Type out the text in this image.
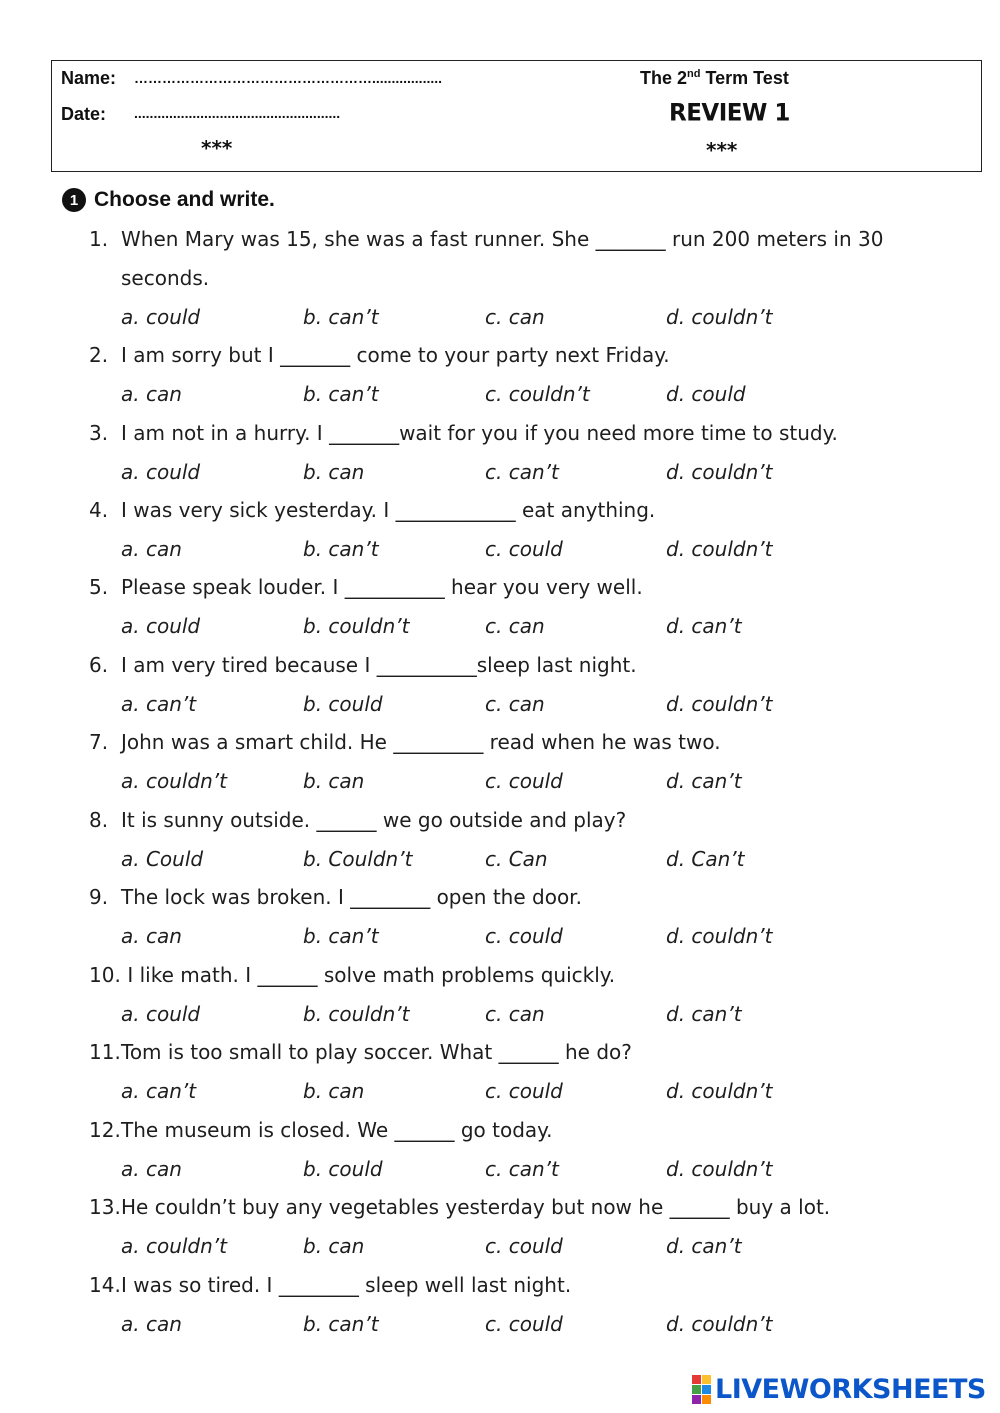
Name: ……………………………………………..................
Date: .....................................................
***
The 2nd Term Test
REVIEW 1
***
1 Choose and write.
1. When Mary was 15, she was a fast runner. She _______ run 200 meters in 30
seconds.
a. could	b. can’t	c. can	d. couldn’t
2. I am sorry but I _______ come to your party next Friday.
a. can	b. can’t	c. couldn’t	d. could
3. I am not in a hurry. I _______wait for you if you need more time to study.
a. could	b. can	c. can’t	d. couldn’t
4. I was very sick yesterday. I ____________ eat anything.
a. can	b. can’t	c. could	d. couldn’t
5. Please speak louder. I __________ hear you very well.
a. could	b. couldn’t	c. can	d. can’t
6. I am very tired because I __________sleep last night.
a. can’t	b. could	c. can	d. couldn’t
7. John was a smart child. He _________ read when he was two.
a. couldn’t	b. can	c. could	d. can’t
8. It is sunny outside. ______ we go outside and play?
a. Could	b. Couldn’t	c. Can	d. Can’t
9. The lock was broken. I ________ open the door.
a. can	b. can’t	c. could	d. couldn’t
10. I like math. I ______ solve math problems quickly.
a. could	b. couldn’t	c. can	d. can’t
11.Tom is too small to play soccer. What ______ he do?
a. can’t	b. can	c. could	d. couldn’t
12.The museum is closed. We ______ go today.
a. can	b. could	c. can’t	d. couldn’t
13.He couldn’t buy any vegetables yesterday but now he ______ buy a lot.
a. couldn’t	b. can	c. could	d. can’t
14.I was so tired. I ________ sleep well last night.
a. can	b. can’t	c. could	d. couldn’t
LIVEWORKSHEETS
